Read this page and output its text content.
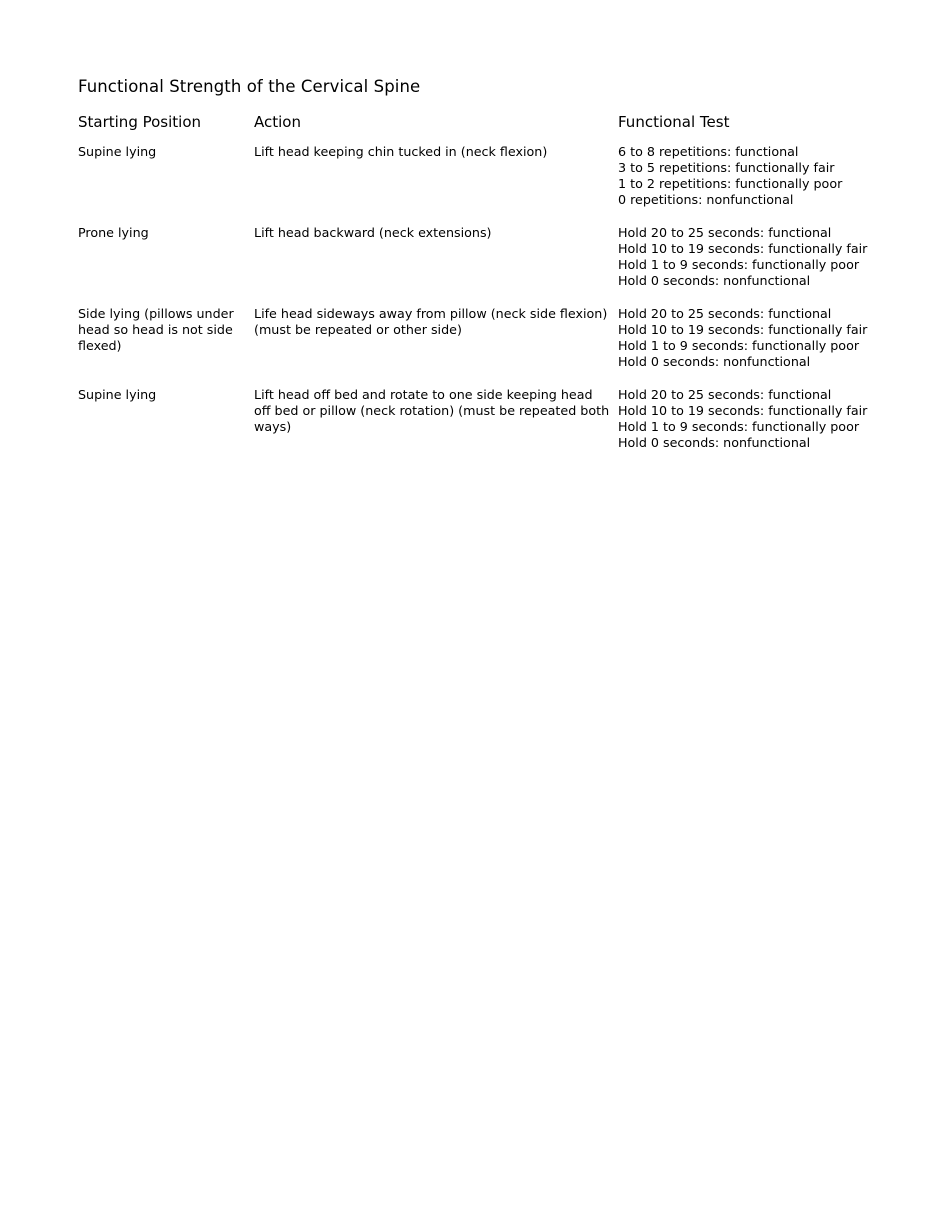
Functional Strength of the Cervical Spine
Starting Position	Action	Functional Test
Supine lying	Lift head keeping chin tucked in (neck flexion)	6 to 8 repetitions: functional
3 to 5 repetitions: functionally fair
1 to 2 repetitions: functionally poor
0 repetitions: nonfunctional

Prone lying	Lift head backward (neck extensions)	Hold 20 to 25 seconds: functional
Hold 10 to 19 seconds: functionally fair
Hold 1 to 9 seconds: functionally poor
Hold 0 seconds: nonfunctional

Side lying (pillows under head so head is not side flexed)	Life head sideways away from pillow (neck side flexion) (must be repeated or other side)	Hold 20 to 25 seconds: functional
Hold 10 to 19 seconds: functionally fair
Hold 1 to 9 seconds: functionally poor
Hold 0 seconds: nonfunctional

Supine lying	Lift head off bed and rotate to one side keeping head off bed or pillow (neck rotation) (must be repeated both ways)	Hold 20 to 25 seconds: functional
Hold 10 to 19 seconds: functionally fair
Hold 1 to 9 seconds: functionally poor
Hold 0 seconds: nonfunctional
